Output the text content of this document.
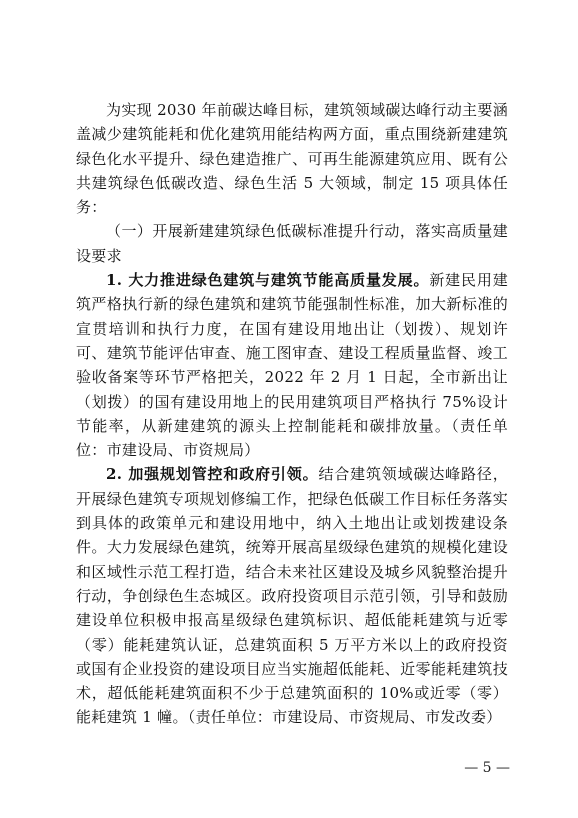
为实现 2030 年前碳达峰目标，建筑领域碳达峰行动主要涵盖减少建筑能耗和优化建筑用能结构两方面，重点围绕新建建筑绿色化水平提升、绿色建造推广、可再生能源建筑应用、既有公共建筑绿色低碳改造、绿色生活 5 大领域，制定 15 项具体任务：

（一）开展新建建筑绿色低碳标准提升行动，落实高质量建设要求

1. 大力推进绿色建筑与建筑节能高质量发展。新建民用建筑严格执行新的绿色建筑和建筑节能强制性标准，加大新标准的宣贯培训和执行力度，在国有建设用地出让（划拨）、规划许可、建筑节能评估审查、施工图审查、建设工程质量监督、竣工验收备案等环节严格把关，2022 年 2 月 1 日起，全市新出让（划拨）的国有建设用地上的民用建筑项目严格执行 75%设计节能率，从新建建筑的源头上控制能耗和碳排放量。（责任单位：市建设局、市资规局）

2. 加强规划管控和政府引领。结合建筑领域碳达峰路径，开展绿色建筑专项规划修编工作，把绿色低碳工作目标任务落实到具体的政策单元和建设用地中，纳入土地出让或划拨建设条件。大力发展绿色建筑，统筹开展高星级绿色建筑的规模化建设和区域性示范工程打造，结合未来社区建设及城乡风貌整治提升行动，争创绿色生态城区。政府投资项目示范引领，引导和鼓励建设单位积极申报高星级绿色建筑标识、超低能耗建筑与近零（零）能耗建筑认证，总建筑面积 5 万平方米以上的政府投资或国有企业投资的建设项目应当实施超低能耗、近零能耗建筑技术，超低能耗建筑面积不少于总建筑面积的 10%或近零（零）能耗建筑 1 幢。（责任单位：市建设局、市资规局、市发改委）

— 5 —
